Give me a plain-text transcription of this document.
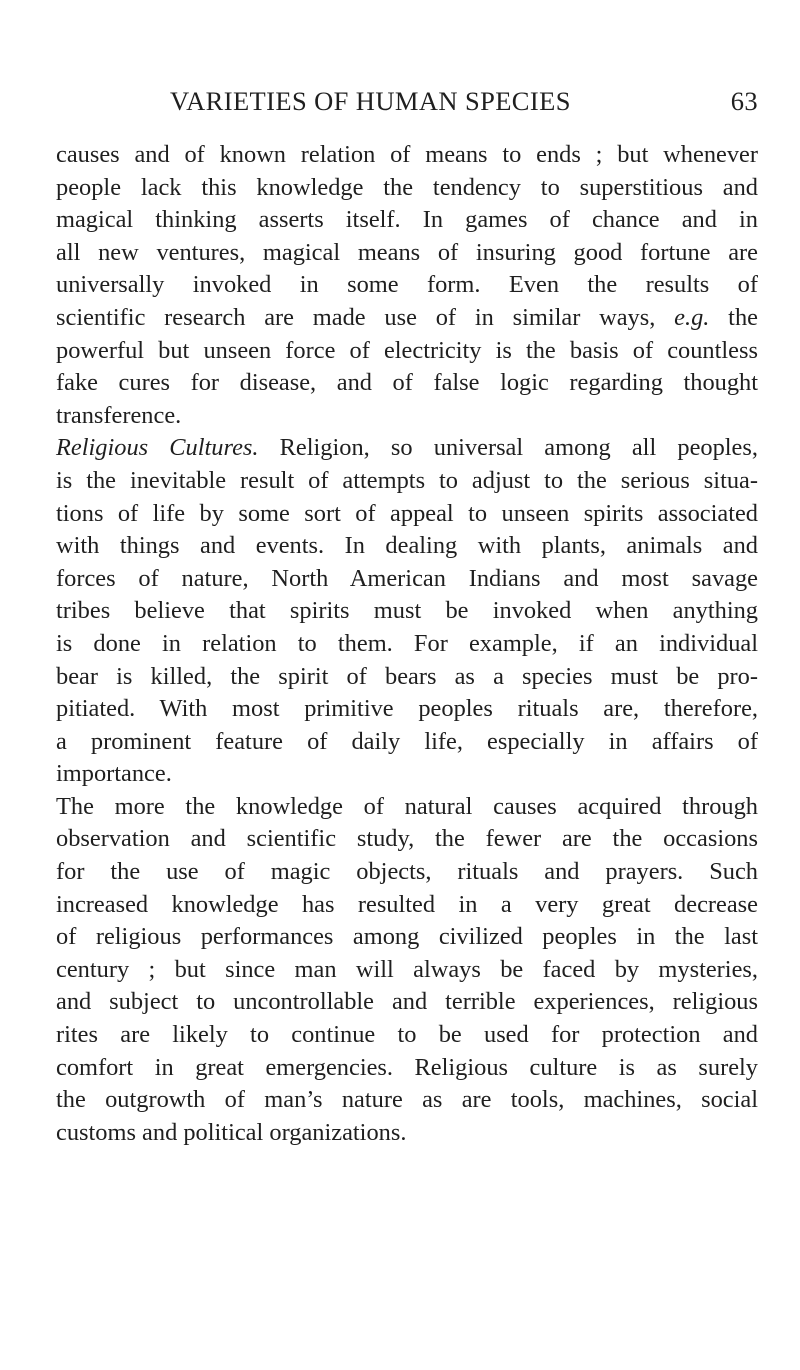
VARIETIES OF HUMAN SPECIES	63
causes and of known relation of means to ends ; but whenever
people lack this knowledge the tendency to superstitious and
magical thinking asserts itself. In games of chance and in
all new ventures, magical means of insuring good fortune are
universally invoked in some form. Even the results of
scientific research are made use of in similar ways, e.g. the
powerful but unseen force of electricity is the basis of countless
fake cures for disease, and of false logic regarding thought
transference.
Religious Cultures. Religion, so universal among all peoples,
is the inevitable result of attempts to adjust to the serious situa-
tions of life by some sort of appeal to unseen spirits associated
with things and events. In dealing with plants, animals and
forces of nature, North American Indians and most savage
tribes believe that spirits must be invoked when anything
is done in relation to them. For example, if an individual
bear is killed, the spirit of bears as a species must be pro-
pitiated. With most primitive peoples rituals are, therefore,
a prominent feature of daily life, especially in affairs of
importance.
The more the knowledge of natural causes acquired through
observation and scientific study, the fewer are the occasions
for the use of magic objects, rituals and prayers. Such
increased knowledge has resulted in a very great decrease
of religious performances among civilized peoples in the last
century ; but since man will always be faced by mysteries,
and subject to uncontrollable and terrible experiences, religious
rites are likely to continue to be used for protection and
comfort in great emergencies. Religious culture is as surely
the outgrowth of man’s nature as are tools, machines, social
customs and political organizations.
